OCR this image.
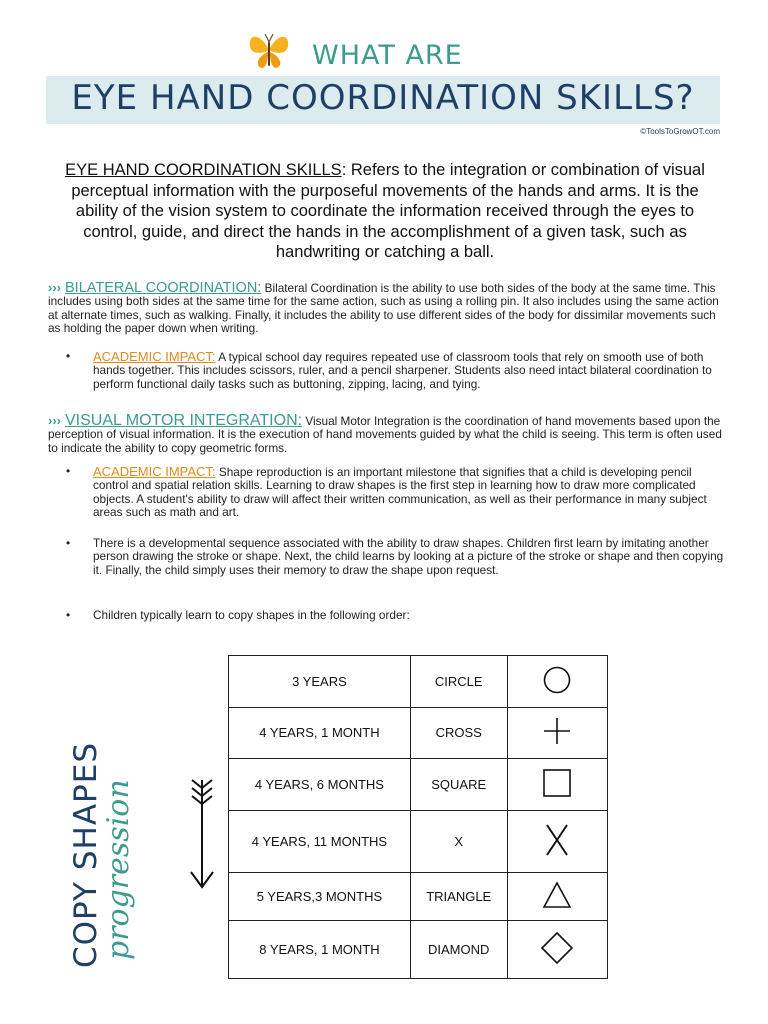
WHAT ARE
EYE HAND COORDINATION SKILLS?
©ToolsToGrowOT.com
EYE HAND COORDINATION SKILLS: Refers to the integration or combination of visual perceptual information with the purposeful movements of the hands and arms. It is the ability of the vision system to coordinate the information received through the eyes to control, guide, and direct the hands in the accomplishment of a given task, such as handwriting or catching a ball.
››› BILATERAL COORDINATION: Bilateral Coordination is the ability to use both sides of the body at the same time. This includes using both sides at the same time for the same action, such as using a rolling pin. It also includes using the same action at alternate times, such as walking. Finally, it includes the ability to use different sides of the body for dissimilar movements such as holding the paper down when writing.
• ACADEMIC IMPACT: A typical school day requires repeated use of classroom tools that rely on smooth use of both hands together. This includes scissors, ruler, and a pencil sharpener. Students also need intact bilateral coordination to perform functional daily tasks such as buttoning, zipping, lacing, and tying.
››› VISUAL MOTOR INTEGRATION: Visual Motor Integration is the coordination of hand movements based upon the perception of visual information. It is the execution of hand movements guided by what the child is seeing. This term is often used to indicate the ability to copy geometric forms.
• ACADEMIC IMPACT: Shape reproduction is an important milestone that signifies that a child is developing pencil control and spatial relation skills. Learning to draw shapes is the first step in learning how to draw more complicated objects. A student's ability to draw will affect their written communication, as well as their performance in many subject areas such as math and art.
• There is a developmental sequence associated with the ability to draw shapes. Children first learn by imitating another person drawing the stroke or shape. Next, the child learns by looking at a picture of the stroke or shape and then copying it. Finally, the child simply uses their memory to draw the shape upon request.
• Children typically learn to copy shapes in the following order:
COPY SHAPES
progression
3 YEARS	CIRCLE	
4 YEARS, 1 MONTH	CROSS	
4 YEARS, 6 MONTHS	SQUARE	
4 YEARS, 11 MONTHS	X	
5 YEARS,3 MONTHS	TRIANGLE	
8 YEARS, 1 MONTH	DIAMOND	
